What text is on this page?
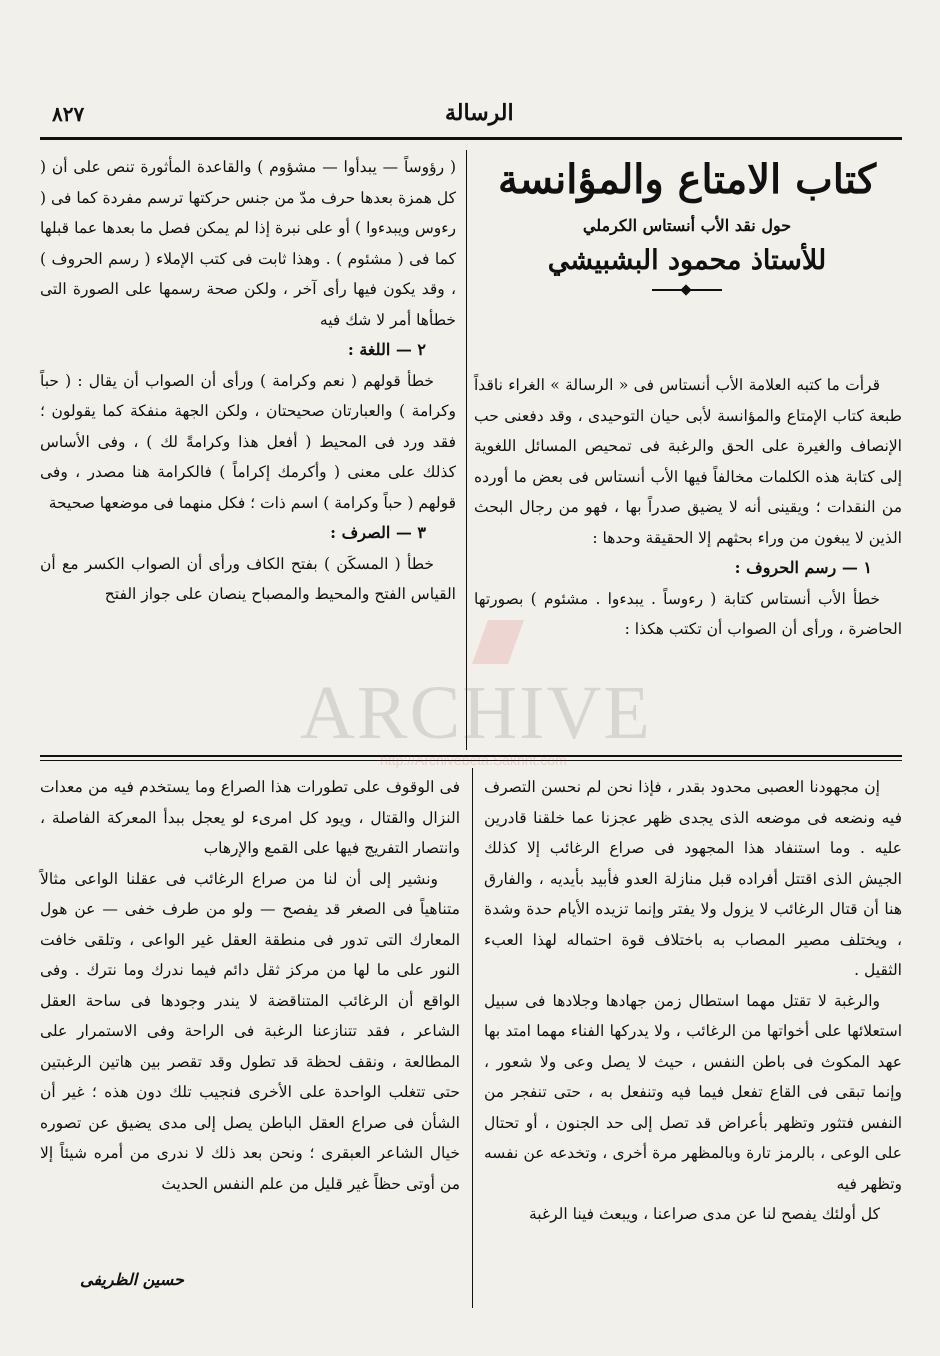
٨٢٧	الرسالة
كتاب الامتاع والمؤانسة
حول نقد الأب أنستاس الكرملي
للأستاذ محمود البشبيشي

قرأت ما كتبه العلامة الأب أنستاس فى « الرسالة » الغراء ناقداً طبعة كتاب الإمتاع والمؤانسة لأبى حيان التوحيدى ، وقد دفعنى حب الإنصاف والغيرة على الحق والرغبة فى تمحيص المسائل اللغوية إلى كتابة هذه الكلمات مخالفاً فيها الأب أنستاس فى بعض ما أورده من النقدات ؛ ويقينى أنه لا يضيق صدراً بها ، فهو من رجال البحث الذين لا يبغون من وراء بحثهم إلا الحقيقة وحدها :

١ — رسم الحروف :

خطأ الأب أنستاس كتابة ( رءوساً . يبدءوا . مشئوم ) بصورتها الحاضرة ، ورأى أن الصواب أن تكتب هكذا :

( رؤوساً — يبدأوا — مشؤوم ) والقاعدة المأثورة تنص على أن ( كل همزة بعدها حرف مدّ من جنس حركتها ترسم مفردة كما فى ( رءوس ويبدءوا ) أو على نبرة إذا لم يمكن فصل ما بعدها عما قبلها كما فى ( مشئوم ) . وهذا ثابت فى كتب الإملاء ( رسم الحروف ) ، وقد يكون فيها رأى آخر ، ولكن صحة رسمها على الصورة التى خطأها أمر لا شك فيه

٢ — اللغة :

خطأ قولهم ( نعم وكرامة ) ورأى أن الصواب أن يقال : ( حباً وكرامة ) والعبارتان صحيحتان ، ولكن الجهة منفكة كما يقولون ؛ فقد ورد فى المحيط ( أفعل هذا وكرامةً لك ) ، وفى الأساس كذلك على معنى ( وأكرمك إكراماً ) فالكرامة هنا مصدر ، وفى قولهم ( حباً وكرامة ) اسم ذات ؛ فكل منهما فى موضعها صحيحة

٣ — الصرف :

خطأ ( المسكَن ) بفتح الكاف ورأى أن الصواب الكسر مع أن القياس الفتح والمحيط والمصباح ينصان على جواز الفتح

إن مجهودنا العصبى محدود بقدر ، فإذا نحن لم نحسن التصرف فيه ونضعه فى موضعه الذى يجدى ظهر عجزنا عما خلقنا قادرين عليه . وما استنفاد هذا المجهود فى صراع الرغائب إلا كذلك الجيش الذى اقتتل أفراده قبل منازلة العدو فأبيد بأيديه ، والفارق هنا أن قتال الرغائب لا يزول ولا يفتر وإنما تزيده الأيام حدة وشدة ، ويختلف مصير المصاب به باختلاف قوة احتماله لهذا العبء الثقيل .

والرغبة لا تقتل مهما استطال زمن جهادها وجلادها فى سبيل استعلائها على أخواتها من الرغائب ، ولا يدركها الفناء مهما امتد بها عهد المكوث فى باطن النفس ، حيث لا يصل وعى ولا شعور ، وإنما تبقى فى القاع تفعل فيما فيه وتنفعل به ، حتى تنفجر من النفس فتثور وتظهر بأعراض قد تصل إلى حد الجنون ، أو تحتال على الوعى ، بالرمز تارة وبالمظهر مرة أخرى ، وتخدعه عن نفسه وتظهر فيه

كل أولئك يفصح لنا عن مدى صراعنا ، ويبعث فينا الرغبة

فى الوقوف على تطورات هذا الصراع وما يستخدم فيه من معدات النزال والقتال ، ويود كل امرىء لو يعجل ببدأ المعركة الفاصلة ، وانتصار التفريج فيها على القمع والإرهاب

ونشير إلى أن لنا من صراع الرغائب فى عقلنا الواعى مثالاً متناهياً فى الصغر قد يفصح — ولو من طرف خفى — عن هول المعارك التى تدور فى منطقة العقل غير الواعى ، وتلقى خافت النور على ما لها من مركز ثقل دائم فيما ندرك وما نترك . وفى الواقع أن الرغائب المتناقضة لا يندر وجودها فى ساحة العقل الشاعر ، فقد تتنازعنا الرغبة فى الراحة وفى الاستمرار على المطالعة ، ونقف لحظة قد تطول وقد تقصر بين هاتين الرغبتين حتى تتغلب الواحدة على الأخرى فنجيب تلك دون هذه ؛ غير أن الشأن فى صراع العقل الباطن يصل إلى مدى يضيق عن تصوره خيال الشاعر العبقرى ؛ ونحن بعد ذلك لا ندرى من أمره شيئاً إلا من أوتى حظاً غير قليل من علم النفس الحديث

حسين الظريفى
ARCHIVE
http://Archivebeta.Sakhrit.com
